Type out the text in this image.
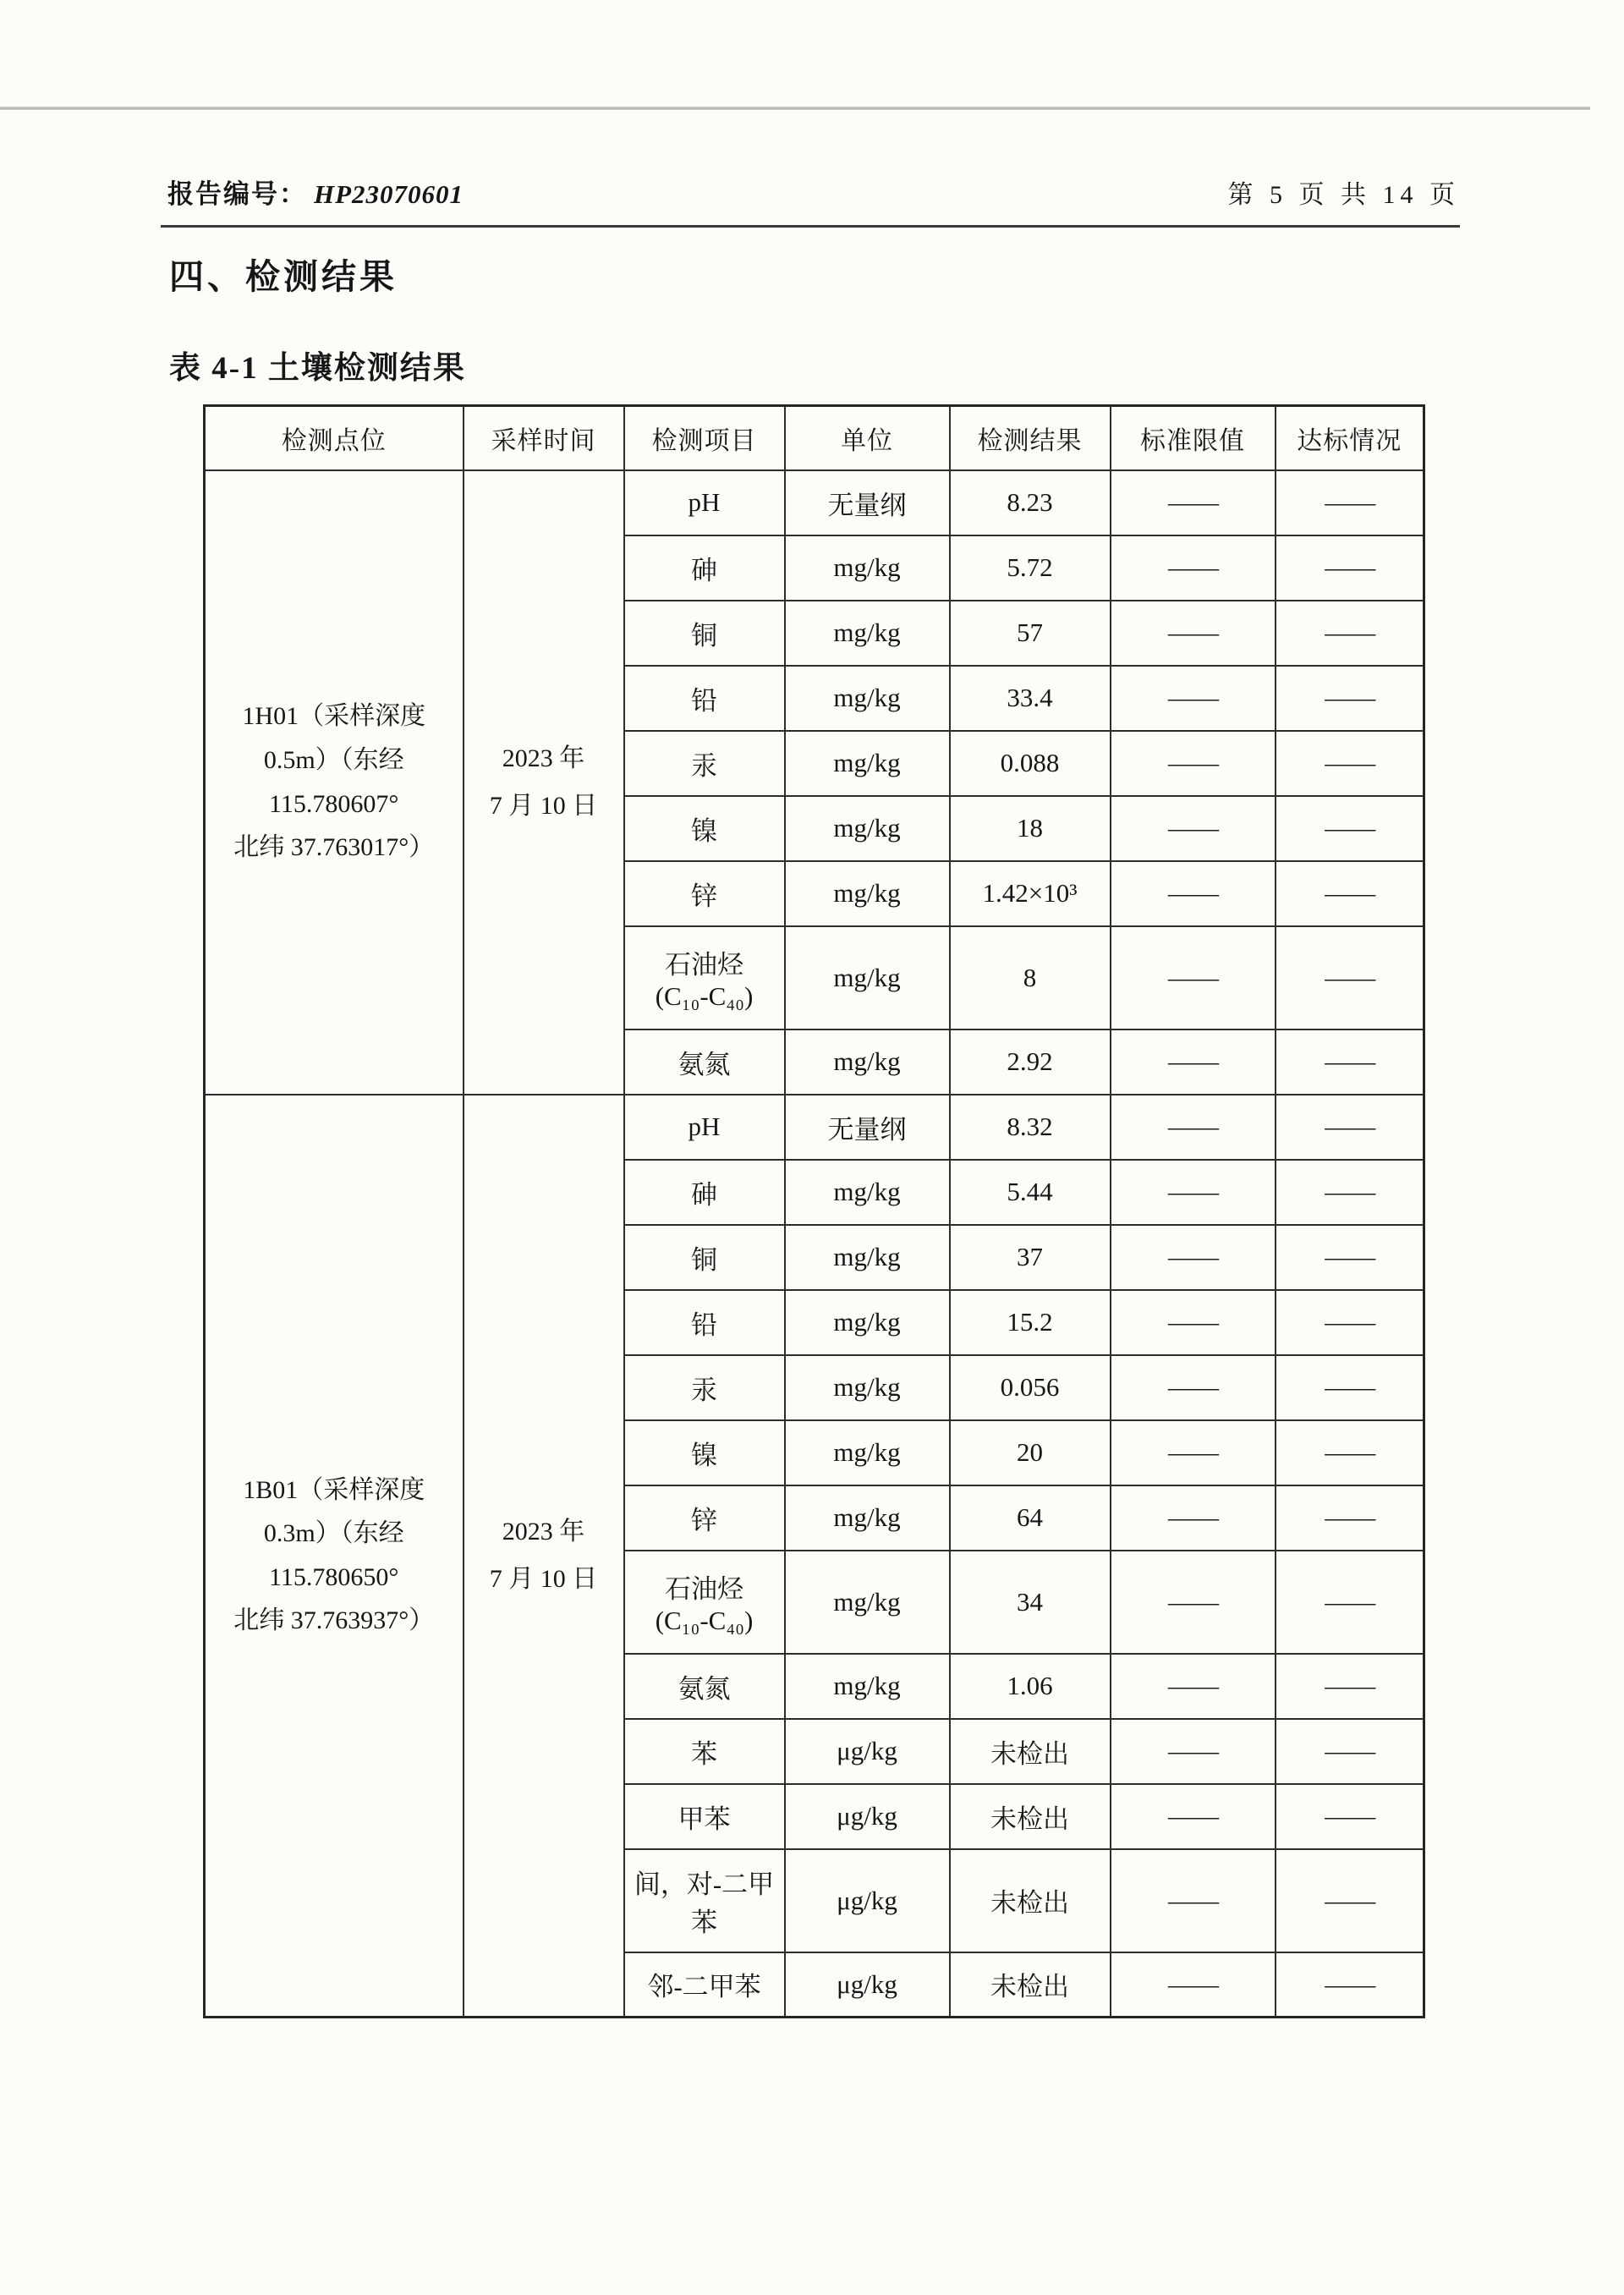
报告编号： HP23070601	第 5 页 共 14 页
四、检测结果
表 4-1 土壤检测结果
检测点位	采样时间	检测项目	单位	检测结果	标准限值	达标情况

1H01（采样深度
0.5m）（东经
115.780607°
北纬 37.763017°）

2023 年
7 月 10 日

pH	无量纲	8.23	——	——

		砷	mg/kg	5.72	——	——

		铜	mg/kg	57	——	——

		铅	mg/kg	33.4	——	——

		汞	mg/kg	0.088	——	——

		镍	mg/kg	18	——	——

		锌	mg/kg	1.42×10³	——	——

		石油烃
(C₁₀-C₄₀)	mg/kg	8	——	——

		氨氮	mg/kg	2.92	——	——

1B01（采样深度
0.3m）（东经
115.780650°
北纬 37.763937°）

2023 年
7 月 10 日

pH	无量纲	8.32	——	——

		砷	mg/kg	5.44	——	——

		铜	mg/kg	37	——	——

		铅	mg/kg	15.2	——	——

		汞	mg/kg	0.056	——	——

		镍	mg/kg	20	——	——

		锌	mg/kg	64	——	——

		石油烃
(C₁₀-C₄₀)	mg/kg	34	——	——

		氨氮	mg/kg	1.06	——	——

		苯	μg/kg	未检出	——	——

		甲苯	μg/kg	未检出	——	——

		间，对-二甲
苯	μg/kg	未检出	——	——

		邻-二甲苯	μg/kg	未检出	——	——
